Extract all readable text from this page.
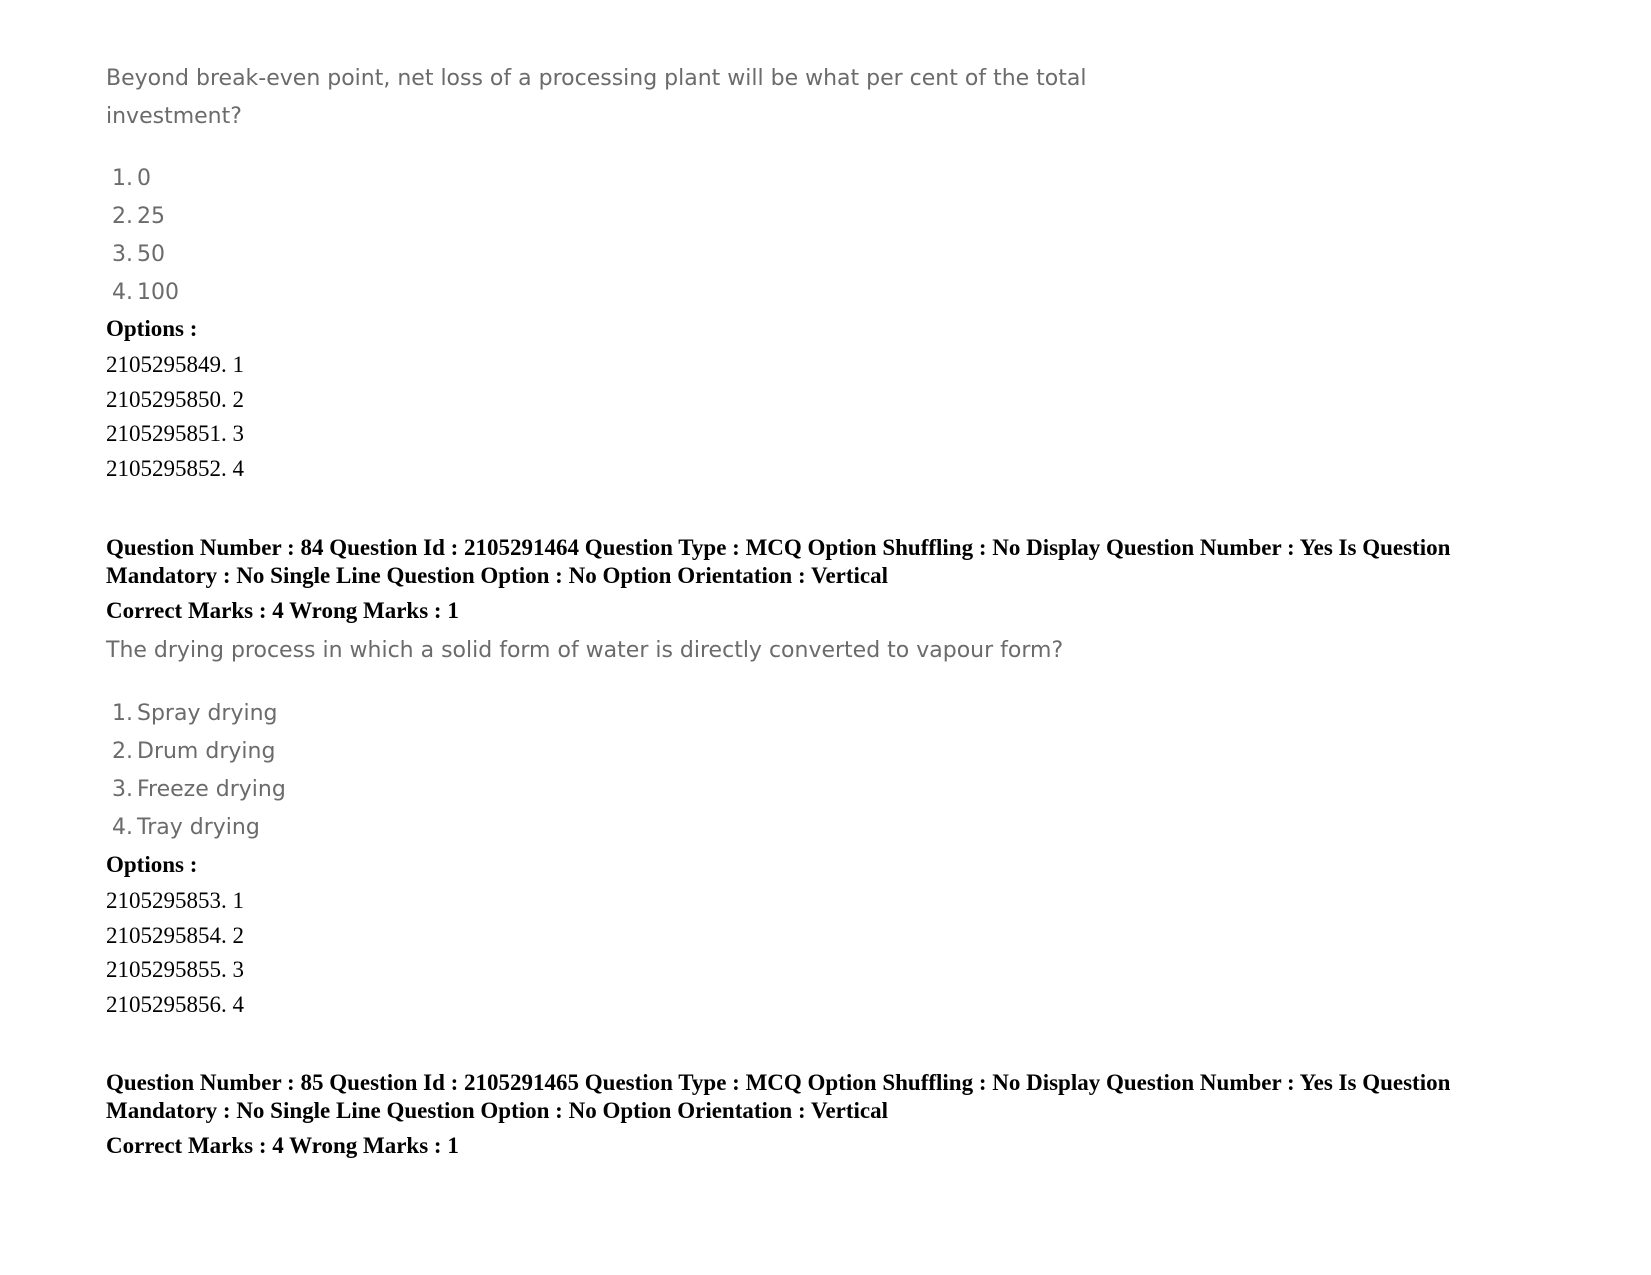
Beyond break-even point, net loss of a processing plant will be what per cent of the total investment?

1. 0
2. 25
3. 50
4. 100

Options :

2105295849. 1
2105295850. 2
2105295851. 3
2105295852. 4

Question Number : 84 Question Id : 2105291464 Question Type : MCQ Option Shuffling : No Display Question Number : Yes Is Question Mandatory : No Single Line Question Option : No Option Orientation : Vertical

Correct Marks : 4 Wrong Marks : 1

The drying process in which a solid form of water is directly converted to vapour form?

1. Spray drying
2. Drum drying
3. Freeze drying
4. Tray drying

Options :

2105295853. 1
2105295854. 2
2105295855. 3
2105295856. 4

Question Number : 85 Question Id : 2105291465 Question Type : MCQ Option Shuffling : No Display Question Number : Yes Is Question Mandatory : No Single Line Question Option : No Option Orientation : Vertical

Correct Marks : 4 Wrong Marks : 1
